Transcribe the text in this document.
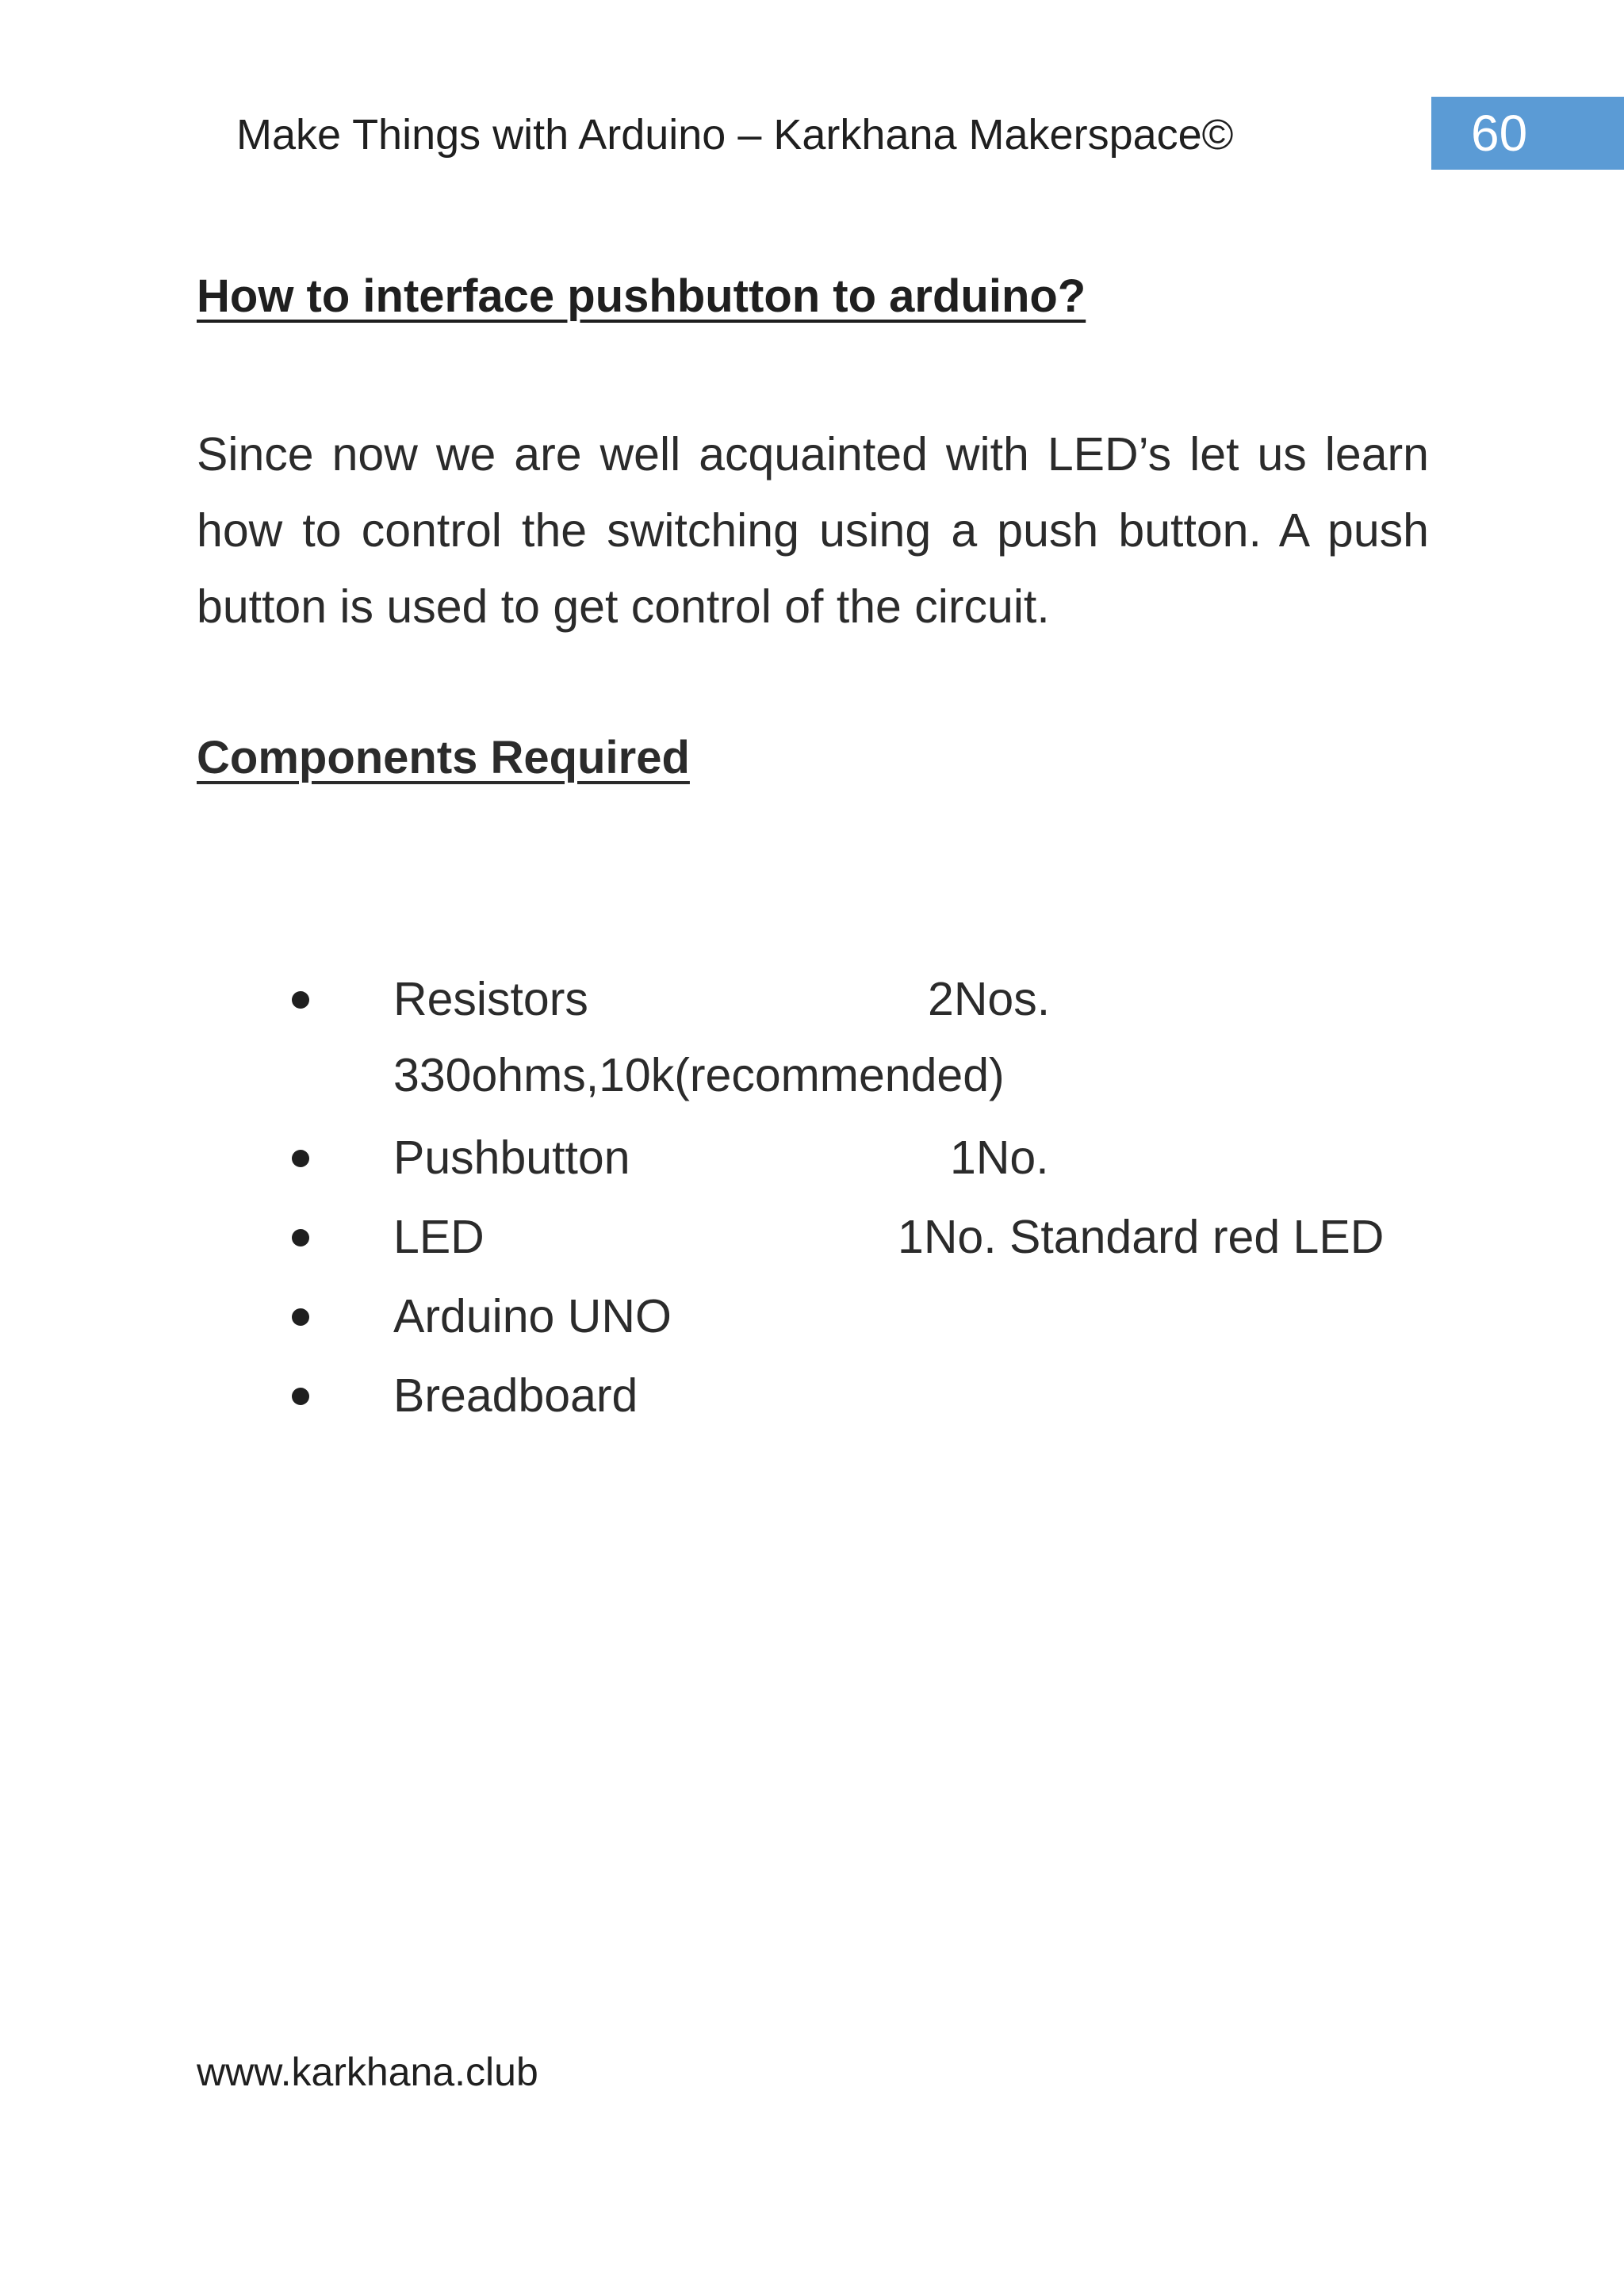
Make Things with Arduino – Karkhana Makerspace©	60
How to interface pushbutton to arduino?
Since now we are well acquainted with LED’s let us learn how to control the switching using a push button. A push button is used to get control of the circuit.
Components Required
Resistors	2Nos.
330ohms,10k(recommended)
Pushbutton	1No.
LED	1No. Standard red LED
Arduino UNO
Breadboard
www.karkhana.club
